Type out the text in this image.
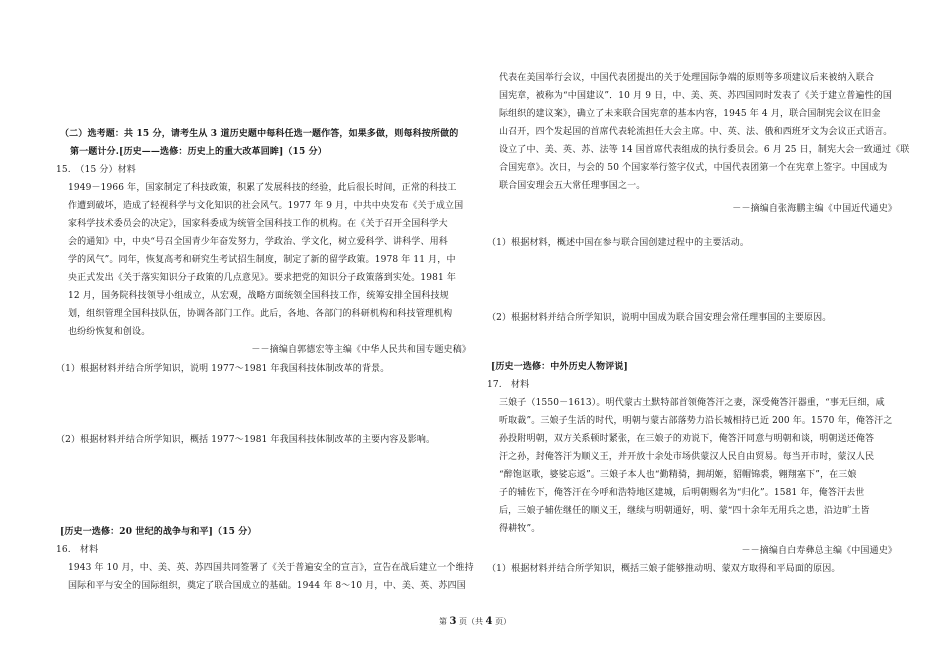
（二）选考题：共 15 分，请考生从 3 道历史题中每科任选一题作答，如果多做，则每科按所做的
第一题计分.[历史——选修：历史上的重大改革回眸]（15 分）
15.　（15 分）材料
1949－1966 年，国家制定了科技政策，积累了发展科技的经验，此后很长时间，正常的科技工
作遭到破坏，造成了轻视科学与文化知识的社会风气。1977 年 9 月，中共中央发布《关于成立国
家科学技术委员会的决定》，国家科委成为统管全国科技工作的机构。在《关于召开全国科学大
会的通知》中，中央“号召全国青少年奋发努力，学政治、学文化，树立爱科学、讲科学、用科
学的风气”。同年，恢复高考和研究生考试招生制度，制定了新的留学政策。1978 年 11 月，中
央正式发出《关于落实知识分子政策的几点意见》。要求把党的知识分子政策落到实处。1981 年
12 月，国务院科技领导小组成立，从宏观，战略方面统领全国科技工作，统筹安排全国科技规
划，组织管理全国科技队伍，协调各部门工作。此后，各地、各部门的科研机构和科技管理机构
也纷纷恢复和创设。
－－摘编自郭德宏等主编《中华人民共和国专题史稿》
（1）根据材料并结合所学知识，说明 1977～1981 年我国科技体制改革的背景。
（2）根据材料并结合所学知识，概括 1977～1981 年我国科技体制改革的主要内容及影响。
[历史一选修：20 世纪的战争与和平]（15 分）
16.　材料
1943 年 10 月，中、美、英、苏四国共同签署了《关于普遍安全的宣言》，宣告在战后建立一个维持
国际和平与安全的国际组织，奠定了联合国成立的基础。1944 年 8～10 月，中、美、英、苏四国
代表在美国举行会议，中国代表团提出的关于处理国际争端的原则等多项建议后来被纳入联合
国宪章，被称为“中国建议”．10 月 9 日，中、美、英、苏四国同时发表了《关于建立普遍性的国
际组织的建议案》，确立了未来联合国宪章的基本内容，1945 年 4 月，联合国制宪会议在旧金
山召开，四个发起国的首席代表轮流担任大会主席。中、英、法、俄和西班牙文为会议正式语言。
设立了中、美、英、苏、法等 14 国首席代表组成的执行委员会。6 月 25 日，制宪大会一致通过《联
合国宪章》。次日，与会的 50 个国家举行签字仪式，中国代表团第一个在宪章上签字。中国成为
联合国安理会五大常任理事国之一。
－－摘编自张海鹏主编《中国近代通史》
（1）根据材料，概述中国在参与联合国创建过程中的主要活动。
（2）根据材料并结合所学知识，说明中国成为联合国安理会常任理事国的主要原因。
[历史一选修：中外历史人物评说]
17.　材料
三娘子（1550－1613）。明代蒙古土默特部首领俺答汗之妻，深受俺答汗器重，“事无巨细，咸
听取裁”。三娘子生活的时代，明朝与蒙古部落势力沿长城相持已近 200 年。1570 年，俺答汗之
孙投附明朝，双方关系顿时紧张，在三娘子的劝说下，俺答汗同意与明朝和谈，明朝送还俺答
汗之孙，封俺答汗为顺义王，并开放十余处市场供蒙汉人民自由贸易。每当开市时，蒙汉人民
“醉饱讴歌，婆娑忘返”。三娘子本人也“勤精骑，拥胡姬，貂帽锦裘，翱翔塞下”，在三娘
子的辅佐下，俺答汗在今呼和浩特地区建城，后明朝赐名为“归化”。1581 年，俺答汗去世
后，三娘子辅佐继任的顺义王，继续与明朝通好，明、蒙“四十余年无用兵之患，沿边旷土皆
得耕牧”。
－－摘编自白寿彝总主编《中国通史》
（1）根据材料并结合所学知识，概括三娘子能够推动明、蒙双方取得和平局面的原因。
第 3 页（共 4 页）
